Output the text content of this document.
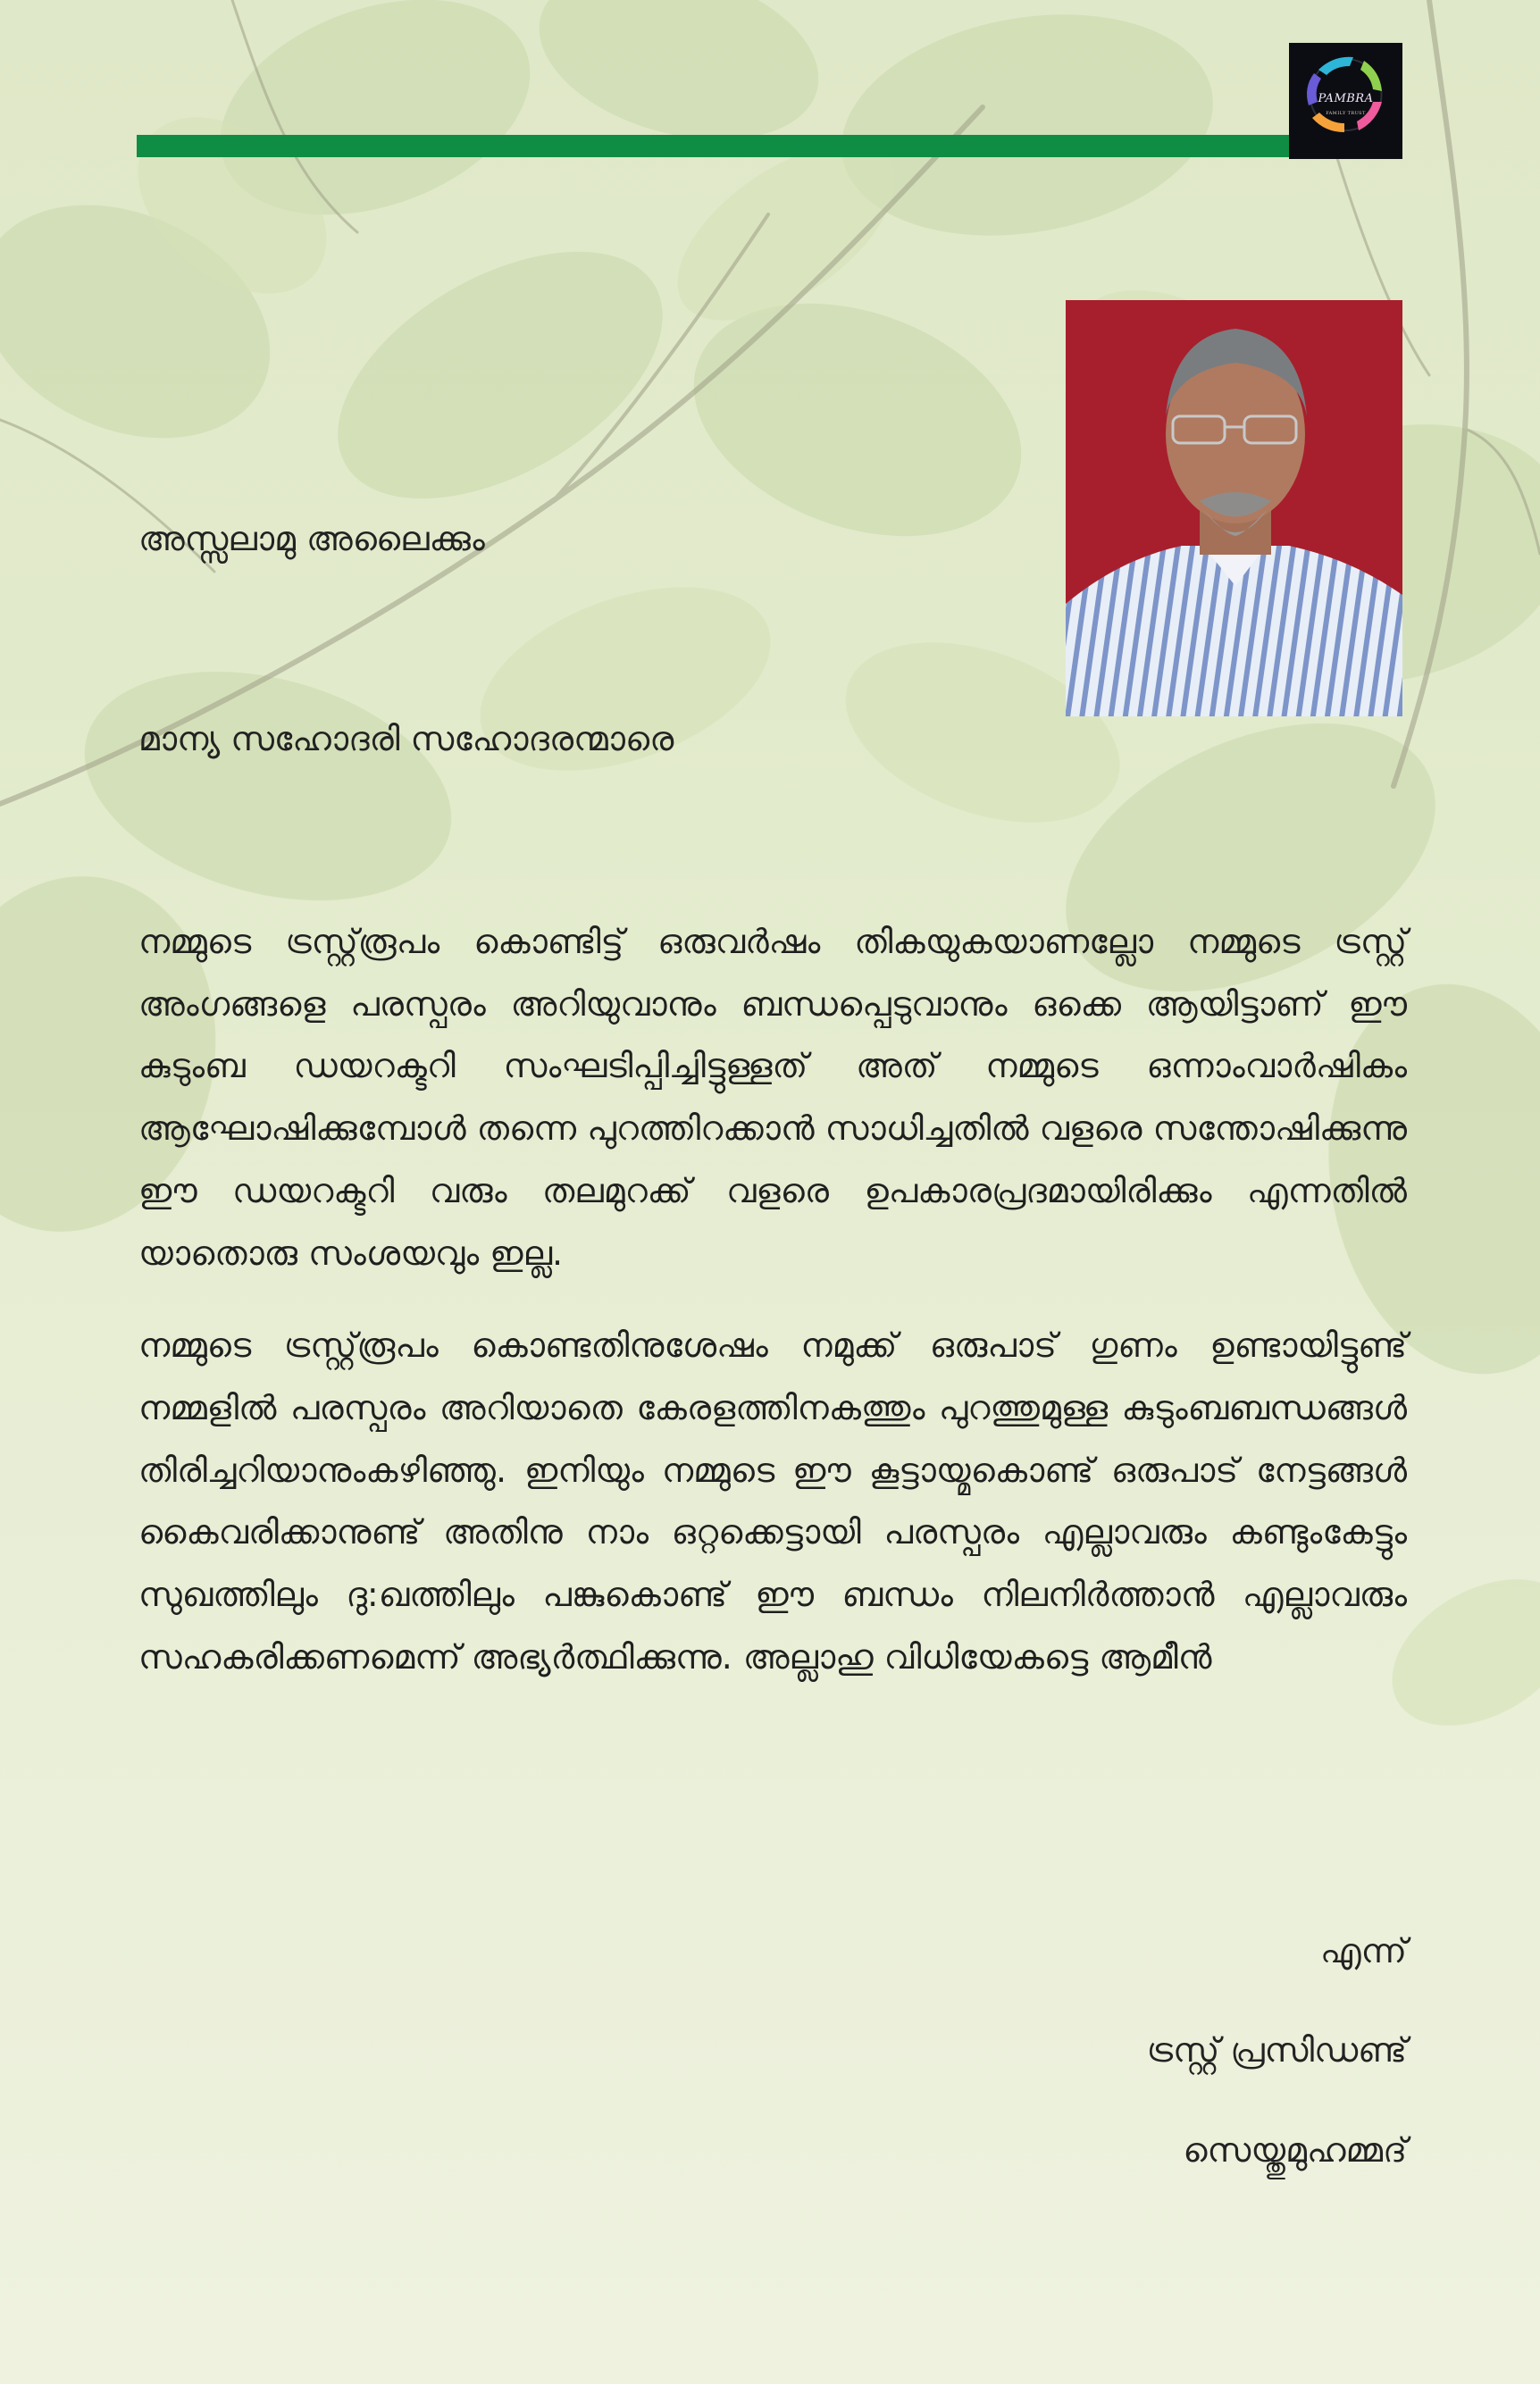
PAMBRA
FAMILY TRUST

അസ്സലാമു അലൈക്കും

മാന്യ സഹോദരി സഹോദരന്മാരെ

നമ്മുടെ ട്രസ്റ്റ്‌രൂപം കൊണ്ടിട്ട് ഒരുവർഷം തികയുകയാണല്ലോ നമ്മുടെ ട്രസ്റ്റ് അംഗങ്ങളെ പരസ്പരം അറിയുവാനും ബന്ധപ്പെടുവാനും ഒക്കെ ആയിട്ടാണ് ഈ കുടുംബ ഡയറക്ടറി സംഘടിപ്പിച്ചിട്ടുള്ളത് അത് നമ്മുടെ ഒന്നാംവാർഷികം ആഘോഷിക്കുമ്പോൾ തന്നെ പുറത്തിറക്കാൻ സാധിച്ചതിൽ വളരെ സന്തോഷിക്കുന്നു ഈ ഡയറക്ടറി വരും തലമുറക്ക് വളരെ ഉപകാരപ്രദമായിരിക്കും എന്നതിൽ യാതൊരു സംശയവും ഇല്ല.

നമ്മുടെ ട്രസ്റ്റ്‌രൂപം കൊണ്ടതിനുശേഷം നമുക്ക് ഒരുപാട് ഗുണം ഉണ്ടായിട്ടുണ്ട് നമ്മളിൽ പരസ്പരം അറിയാതെ കേരളത്തിനകത്തും പുറത്തുമുള്ള കുടുംബബന്ധങ്ങൾ തിരിച്ചറിയാനുംകഴിഞ്ഞു. ഇനിയും നമ്മുടെ ഈ കൂട്ടായ്മകൊണ്ട് ഒരുപാട് നേട്ടങ്ങൾ കൈവരിക്കാനുണ്ട് അതിനു നാം ഒറ്റക്കെട്ടായി പരസ്പരം എല്ലാവരും കണ്ടുംകേട്ടും സുഖത്തിലും ദു:ഖത്തിലും പങ്കുകൊണ്ട് ഈ ബന്ധം നിലനിർത്താൻ എല്ലാവരും സഹകരിക്കണമെന്ന് അഭ്യർത്ഥിക്കുന്നു. അല്ലാഹു വിധിയേകട്ടെ ആമീൻ

എന്ന്

ട്രസ്റ്റ് പ്രസിഡണ്ട്

സെയ്തുമുഹമ്മദ്
